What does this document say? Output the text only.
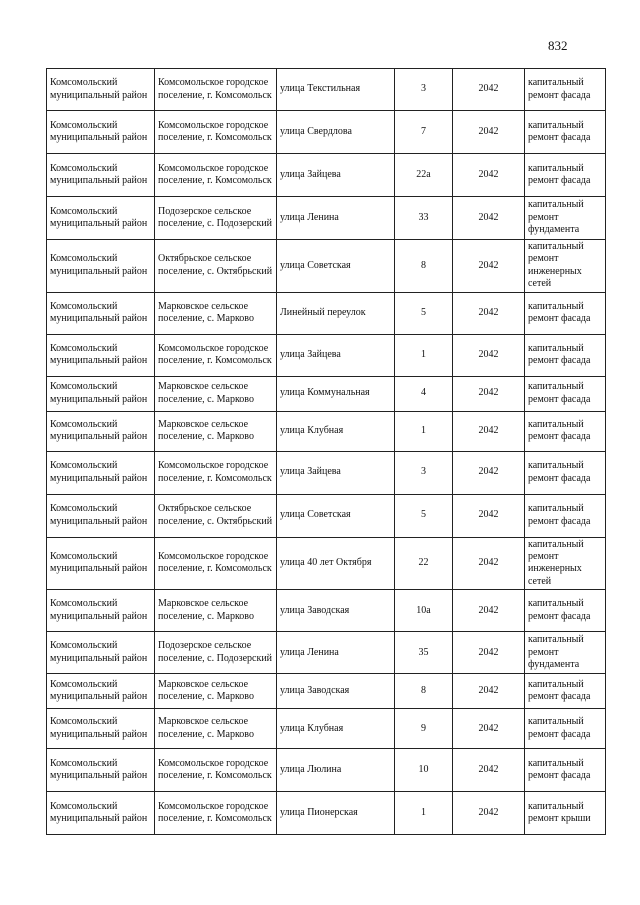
832
Комсомольский муниципальный район	Комсомольское городское поселение, г. Комсомольск	улица Текстильная	3	2042	капитальный ремонт фасада
Комсомольский муниципальный район	Комсомольское городское поселение, г. Комсомольск	улица Свердлова	7	2042	капитальный ремонт фасада
Комсомольский муниципальный район	Комсомольское городское поселение, г. Комсомольск	улица Зайцева	22а	2042	капитальный ремонт фасада
Комсомольский муниципальный район	Подозерское сельское поселение, с. Подозерский	улица Ленина	33	2042	капитальный ремонт фундамента
Комсомольский муниципальный район	Октябрьское сельское поселение, с. Октябрьский	улица Советская	8	2042	капитальный ремонт инженерных сетей
Комсомольский муниципальный район	Марковское сельское поселение, с. Марково	Линейный переулок	5	2042	капитальный ремонт фасада
Комсомольский муниципальный район	Комсомольское городское поселение, г. Комсомольск	улица Зайцева	1	2042	капитальный ремонт фасада
Комсомольский муниципальный район	Марковское сельское поселение, с. Марково	улица Коммунальная	4	2042	капитальный ремонт фасада
Комсомольский муниципальный район	Марковское сельское поселение, с. Марково	улица Клубная	1	2042	капитальный ремонт фасада
Комсомольский муниципальный район	Комсомольское городское поселение, г. Комсомольск	улица Зайцева	3	2042	капитальный ремонт фасада
Комсомольский муниципальный район	Октябрьское сельское поселение, с. Октябрьский	улица Советская	5	2042	капитальный ремонт фасада
Комсомольский муниципальный район	Комсомольское городское поселение, г. Комсомольск	улица 40 лет Октября	22	2042	капитальный ремонт инженерных сетей
Комсомольский муниципальный район	Марковское сельское поселение, с. Марково	улица Заводская	10а	2042	капитальный ремонт фасада
Комсомольский муниципальный район	Подозерское сельское поселение, с. Подозерский	улица Ленина	35	2042	капитальный ремонт фундамента
Комсомольский муниципальный район	Марковское сельское поселение, с. Марково	улица Заводская	8	2042	капитальный ремонт фасада
Комсомольский муниципальный район	Марковское сельское поселение, с. Марково	улица Клубная	9	2042	капитальный ремонт фасада
Комсомольский муниципальный район	Комсомольское городское поселение, г. Комсомольск	улица Люлина	10	2042	капитальный ремонт фасада
Комсомольский муниципальный район	Комсомольское городское поселение, г. Комсомольск	улица Пионерская	1	2042	капитальный ремонт крыши
